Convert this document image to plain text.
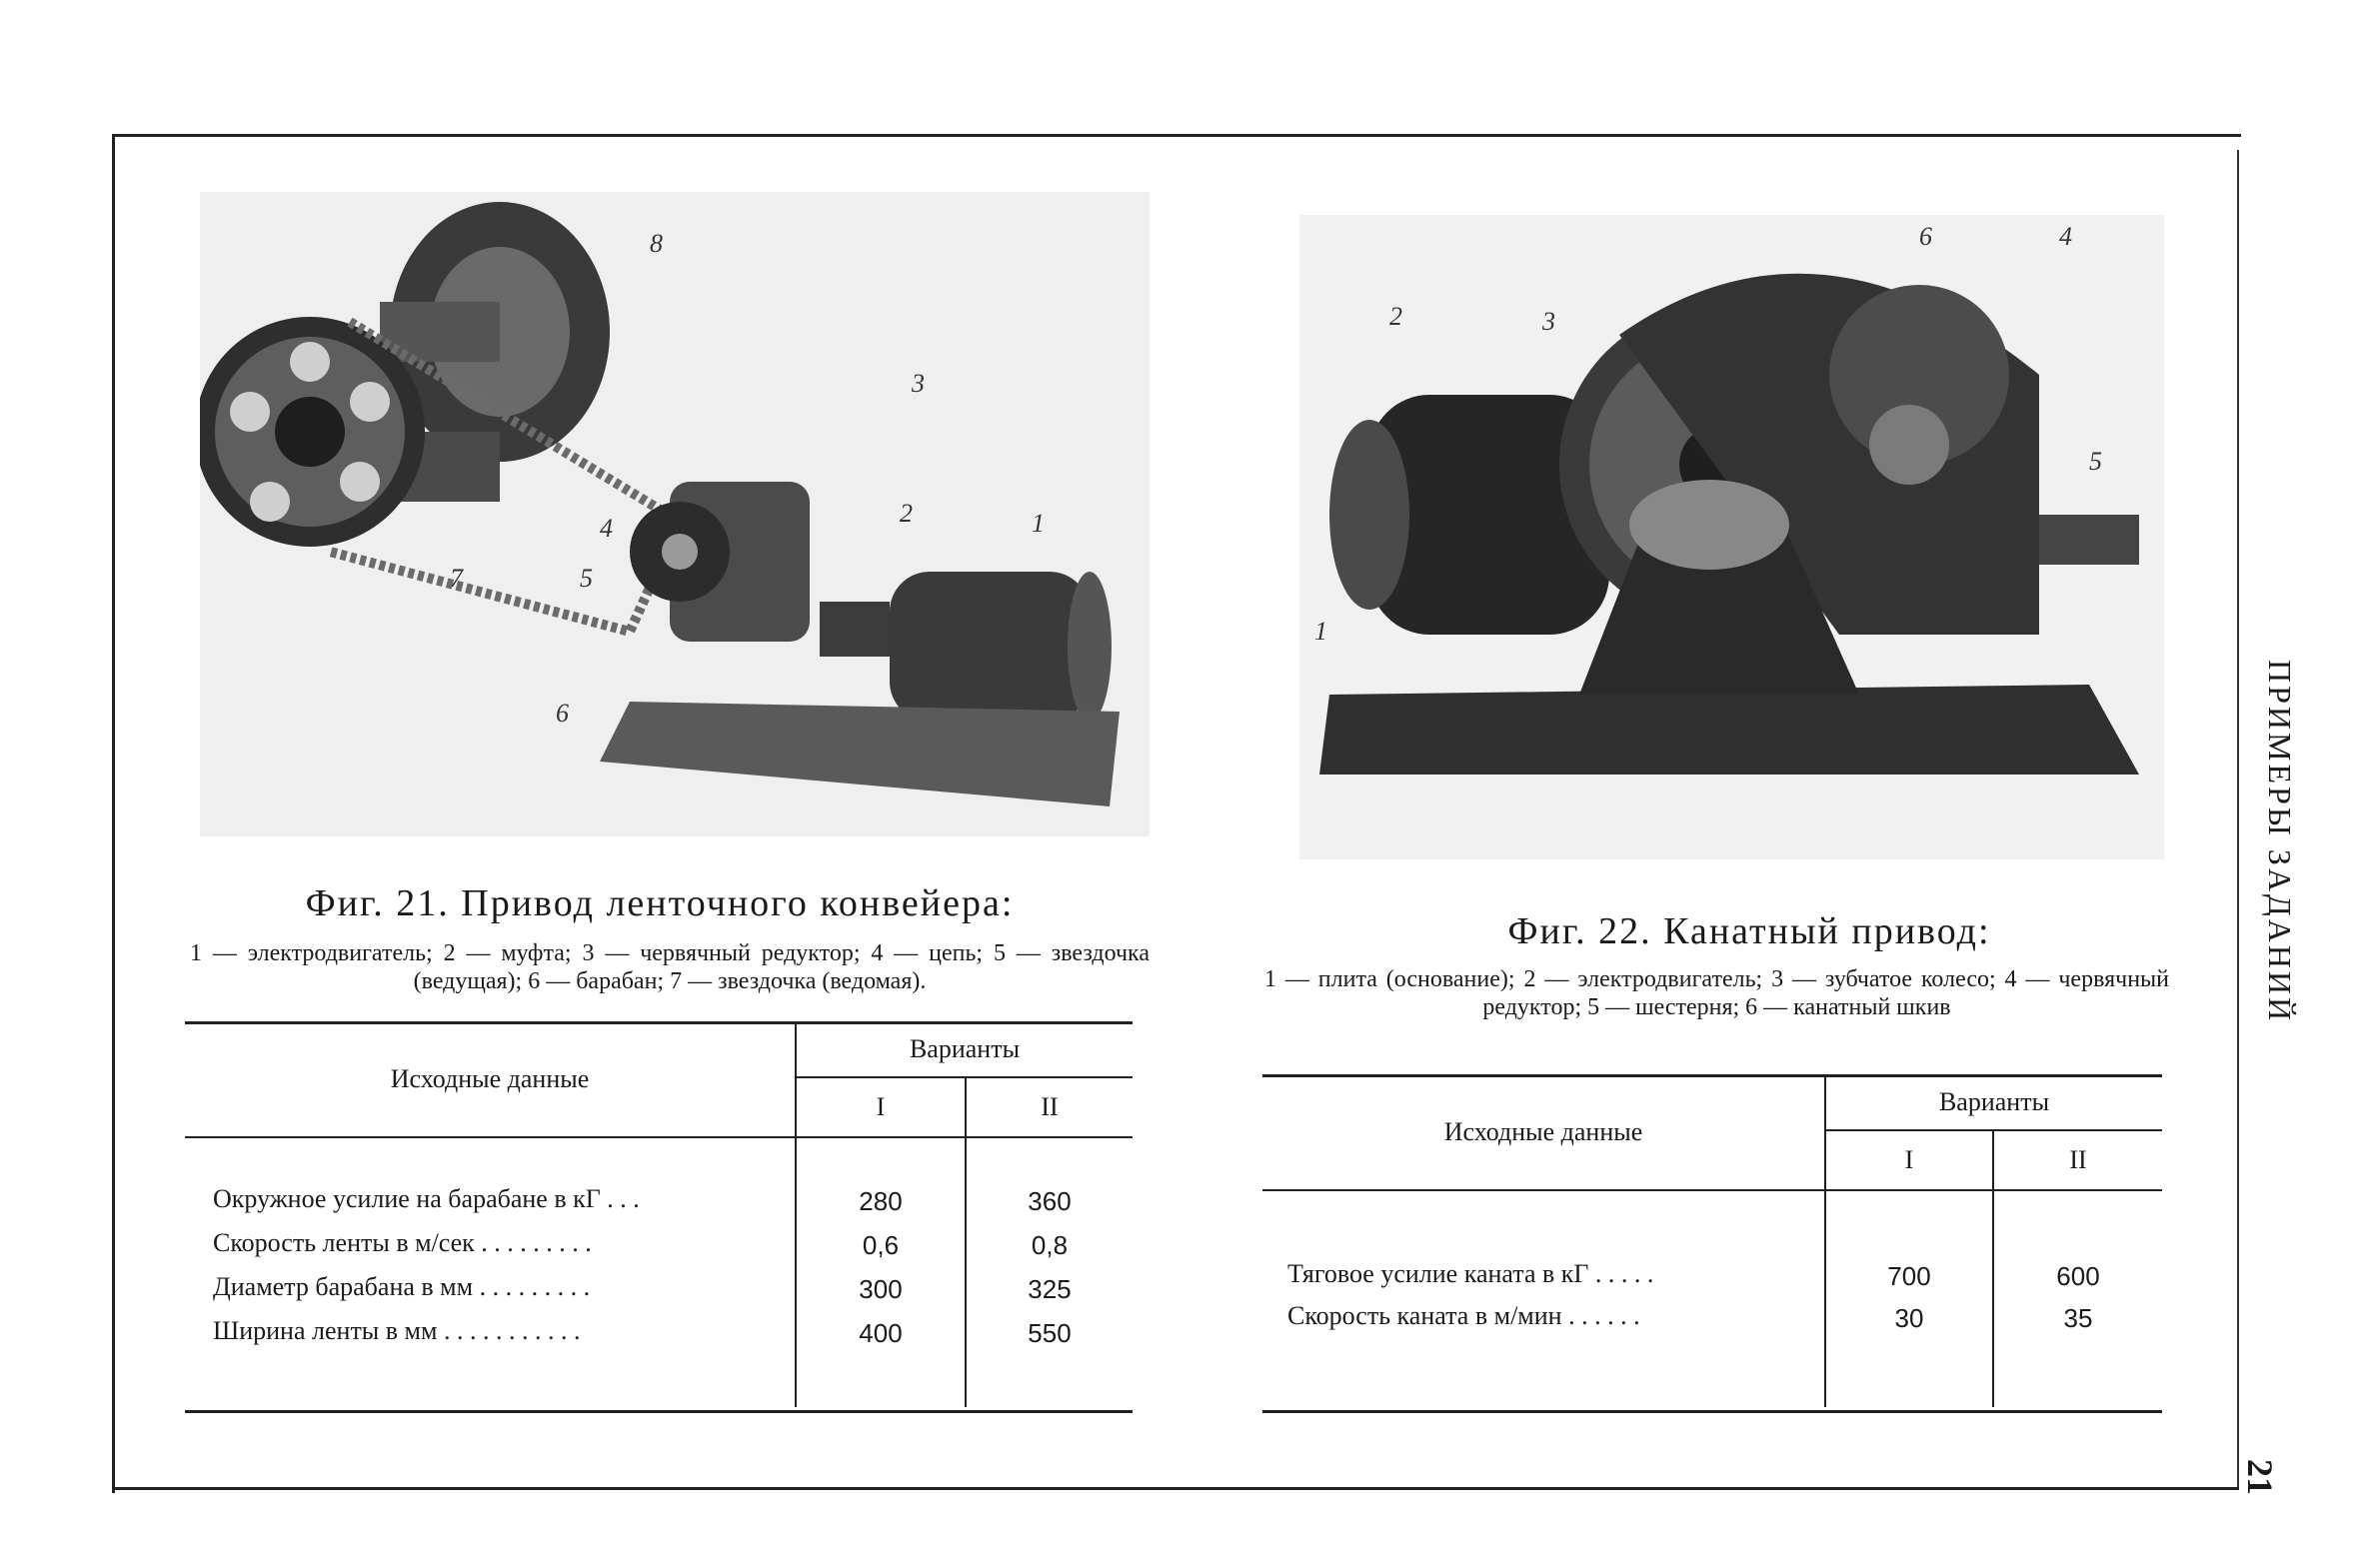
8
3
2	1
4
5
7
6
6	4
2	3
5
1
Фиг. 21. Привод ленточного конвейера:
1 — электродвигатель; 2 — муфта; 3 — червячный редуктор; 4 — цепь; 5 — звездочка (ведущая); 6 — барабан; 7 — звездочка (ведомая).
Фиг. 22. Канатный привод:
1 — плита (основание); 2 — электродвигатель; 3 — зубчатое колесо; 4 — червячный редуктор; 5 — шестерня; 6 — канатный шкив
Исходные данные
Варианты
I	II
Окружное усилие на барабане в кГ . . .	280	360
Скорость ленты в м/сек . . . . . . . . .	0,6	0,8
Диаметр барабана в мм . . . . . . . . .	300	325
Ширина ленты в мм . . . . . . . . . . .	400	550
Исходные данные
Варианты
I	II
Тяговое усилие каната в кГ . . . . .	700	600
Скорость каната в м/мин . . . . . .	30	35
ПРИМЕРЫ ЗАДАНИЙ
21
